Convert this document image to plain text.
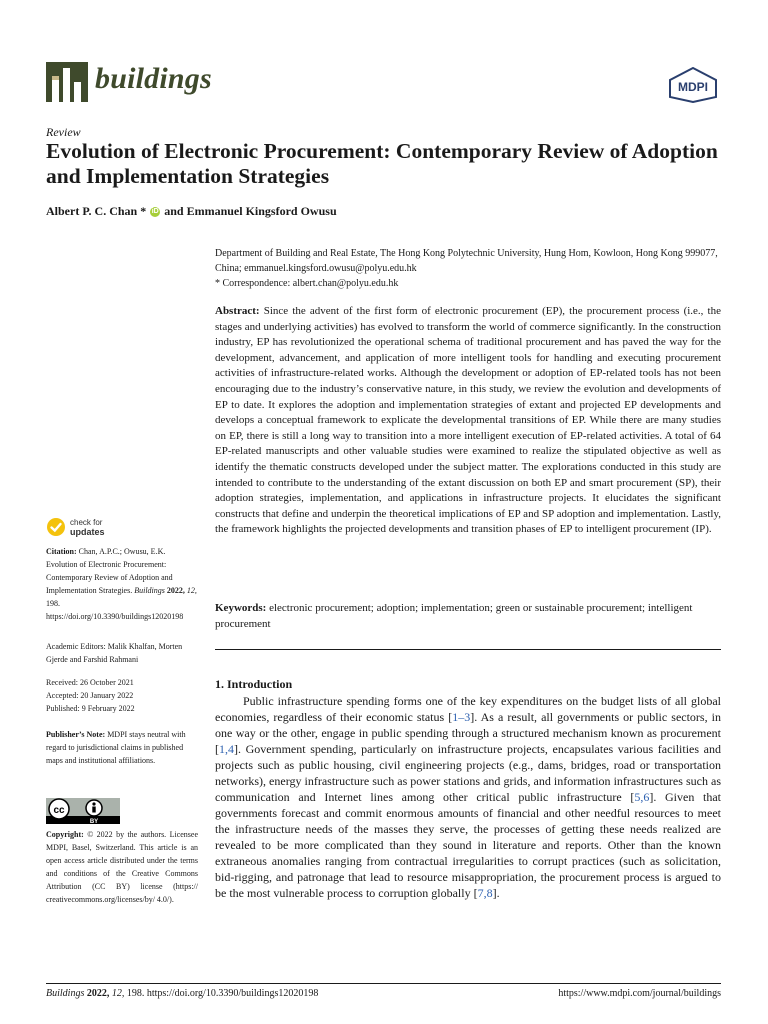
buildings	MDPI
Review
Evolution of Electronic Procurement: Contemporary Review of Adoption and Implementation Strategies
Albert P. C. Chan * iD and Emmanuel Kingsford Owusu

Department of Building and Real Estate, The Hong Kong Polytechnic University, Hung Hom, Kowloon, Hong Kong 999077, China; emmanuel.kingsford.owusu@polyu.edu.hk

* Correspondence: albert.chan@polyu.edu.hk

Abstract: Since the advent of the first form of electronic procurement (EP), the procurement process (i.e., the stages and underlying activities) has evolved to transform the world of commerce significantly. In the construction industry, EP has revolutionized the operational schema of traditional procurement and has paved the way for the development, advancement, and application of more intelligent tools for handling and executing procurement activities of infrastructure-related works. Although the development or adoption of EP-related tools has not been encouraging due to the industry’s conservative nature, in this study, we review the evolution and developments of EP to date. It explores the adoption and implementation strategies of extant and projected EP developments and develops a conceptual framework to explicate the developmental transitions of EP. While there are many studies on EP, there is still a long way to transition into a more intelligent execution of EP-related activities. A total of 64 EP-related manuscripts and other valuable studies were examined to realize the stipulated objective as well as identify the thematic constructs developed under the subject matter. The explorations conducted in this study are intended to contribute to the understanding of the extant discussion on both EP and smart procurement (SP), their adoption strategies, implementation, and applications in infrastructure projects. It elucidates the significant constructs that define and underpin the theoretical implications of EP and SP adoption and implementation. Lastly, the framework highlights the projected developments and transition phases of EP to intelligent procurement (IP).

Keywords: electronic procurement; adoption; implementation; green or sustainable procurement; intelligent procurement

1. Introduction

Public infrastructure spending forms one of the key expenditures on the budget lists of all global economies, regardless of their economic status [1–3]. As a result, all governments or public sectors, in one way or the other, engage in public spending through a structured mechanism known as procurement [1,4]. Government spending, particularly on infrastructure projects, encapsulates various facilities and projects such as public housing, civil engineering projects (e.g., dams, bridges, road or transportation networks), energy infrastructure such as power stations and grids, and information infrastructures such as communication and Internet lines among other critical public infrastructure [5,6]. Given that governments forecast and commit enormous amounts of financial and other needful resources to meet the infrastructure needs of the masses they serve, the processes of getting these needs realized are revealed to be more complicated than they sound in literature and reports. Other than the known extraneous anomalies ranging from contractual irregularities to corrupt practices (such as solicitation, bid-rigging, and patronage that lead to resource misappropriation, the procurement process is argued to be the most vulnerable process to corruption globally [7,8].

check for
updates

Citation: Chan, A.P.C.; Owusu, E.K. Evolution of Electronic Procurement: Contemporary Review of Adoption and Implementation Strategies. Buildings 2022, 12, 198. https://doi.org/10.3390/buildings12020198

Academic Editors: Malik Khalfan, Morten Gjerde and Farshid Rahmani

Received: 26 October 2021
Accepted: 20 January 2022
Published: 9 February 2022

Publisher’s Note: MDPI stays neutral with regard to jurisdictional claims in published maps and institutional affiliations.

cc
BY

Copyright: © 2022 by the authors. Licensee MDPI, Basel, Switzerland. This article is an open access article distributed under the terms and conditions of the Creative Commons Attribution (CC BY) license (https:// creativecommons.org/licenses/by/ 4.0/).

Buildings 2022, 12, 198. https://doi.org/10.3390/buildings12020198	https://www.mdpi.com/journal/buildings
